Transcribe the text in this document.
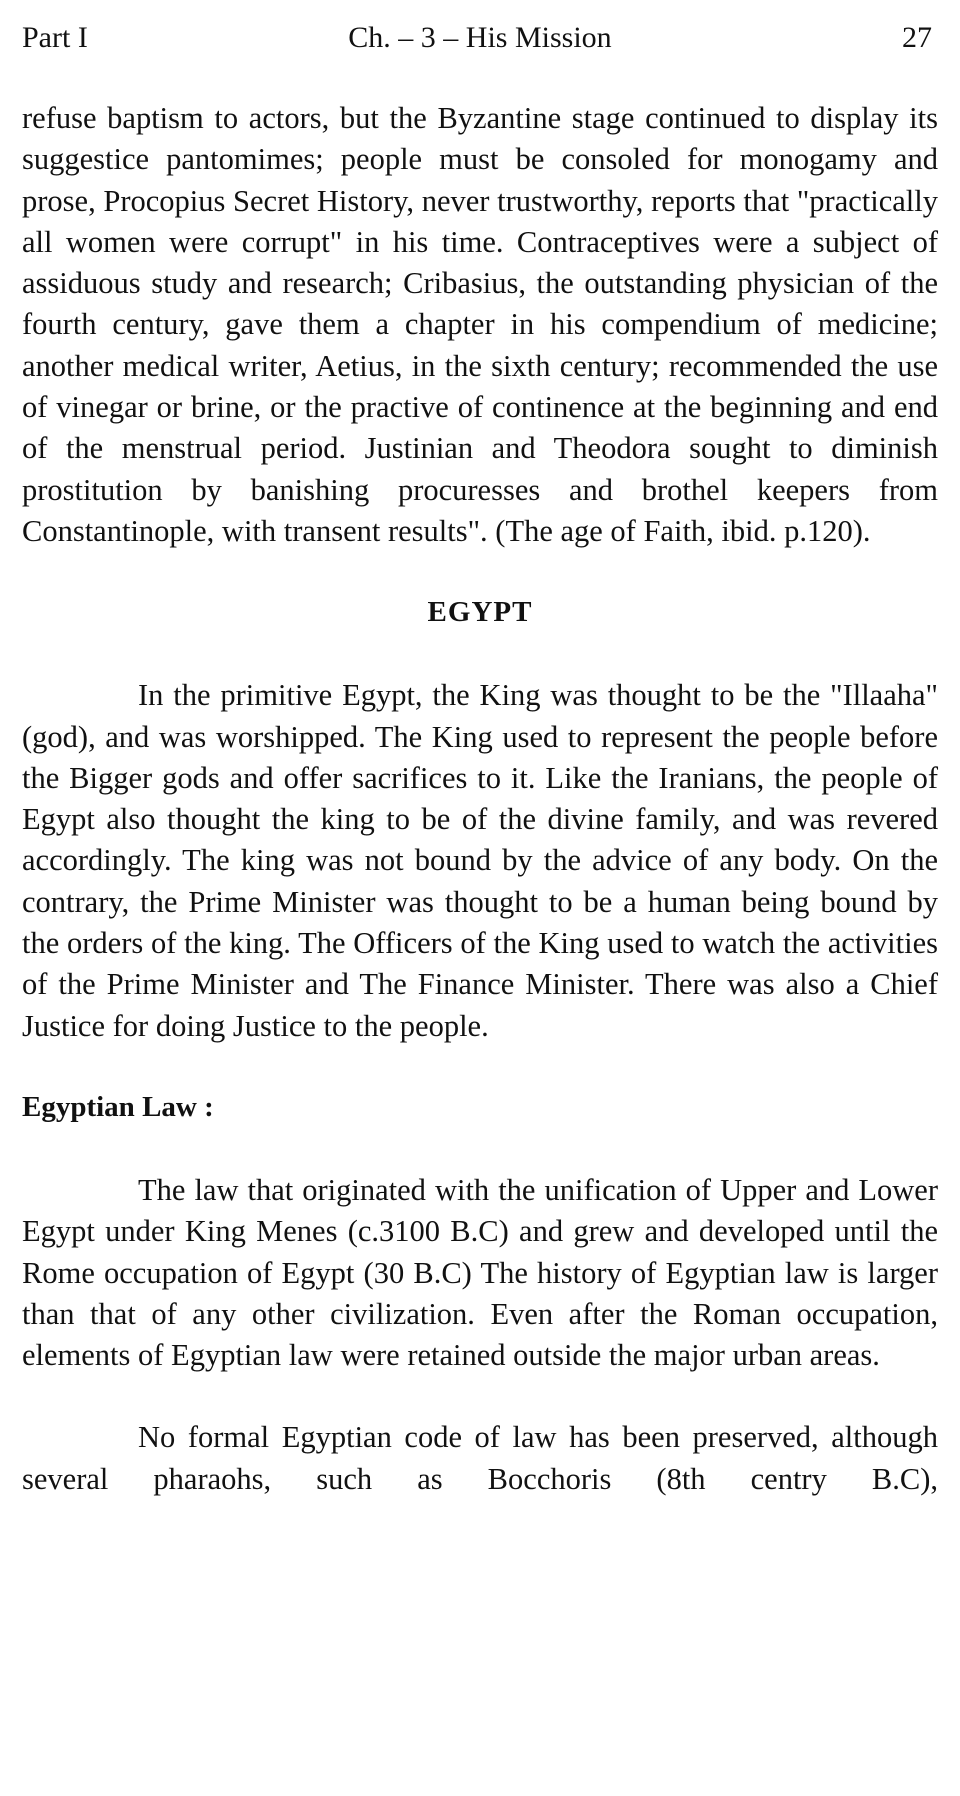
Part I	Ch. – 3 – His Mission	27

refuse baptism to actors, but the Byzantine stage continued to display its suggestice pantomimes; people must be consoled for monogamy and prose, Procopius Secret History, never trustworthy, reports that "practically all women were corrupt" in his time. Contraceptives were a subject of assiduous study and research; Cribasius, the outstanding physician of the fourth century, gave them a chapter in his compendium of medicine; another medical writer, Aetius, in the sixth century; recommended the use of vinegar or brine, or the practive of continence at the beginning and end of the menstrual period. Justinian and Theodora sought to diminish prostitution by banishing procuresses and brothel keepers from Constantinople, with transent results". (The age of Faith, ibid. p.120).

EGYPT

In the primitive Egypt, the King was thought to be the "Illaaha" (god), and was worshipped. The King used to represent the people before the Bigger gods and offer sacrifices to it. Like the Iranians, the people of Egypt also thought the king to be of the divine family, and was revered accordingly. The king was not bound by the advice of any body. On the contrary, the Prime Minister was thought to be a human being bound by the orders of the king. The Officers of the King used to watch the activities of the Prime Minister and The Finance Minister. There was also a Chief Justice for doing Justice to the people.

Egyptian Law :

The law that originated with the unification of Upper and Lower Egypt under King Menes (c.3100 B.C) and grew and developed until the Rome occupation of Egypt (30 B.C) The history of Egyptian law is larger than that of any other civilization. Even after the Roman occupation, elements of Egyptian law were retained outside the major urban areas.

No formal Egyptian code of law has been preserved, although several pharaohs, such as Bocchoris (8th centry B.C),
